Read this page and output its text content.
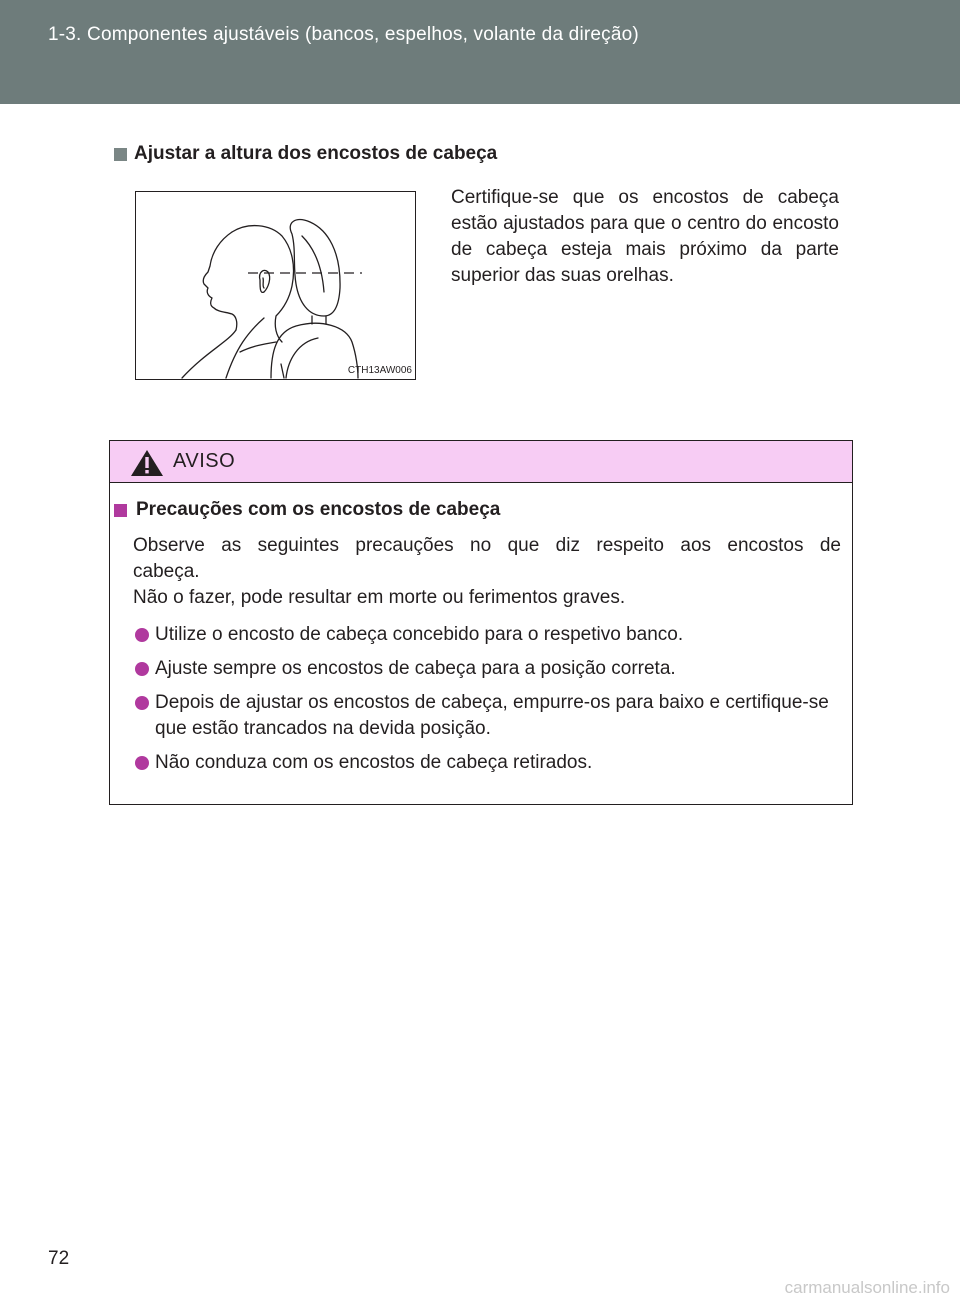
1-3. Componentes ajustáveis (bancos, espelhos, volante da direção)
Ajustar a altura dos encostos de cabeça
CTH13AW006
Certifique-se que os encostos de cabeça estão ajustados para que o centro do encosto de cabeça esteja mais próximo da parte superior das suas orelhas.
AVISO
Precauções com os encostos de cabeça
Observe as seguintes precauções no que diz respeito aos encostos de
cabeça.
Não o fazer, pode resultar em morte ou ferimentos graves.
Utilize o encosto de cabeça concebido para o respetivo banco.
Ajuste sempre os encostos de cabeça para a posição correta.
Depois de ajustar os encostos de cabeça, empurre-os para baixo e certifique-se que estão trancados na devida posição.
Não conduza com os encostos de cabeça retirados.
72
carmanualsonline.info
